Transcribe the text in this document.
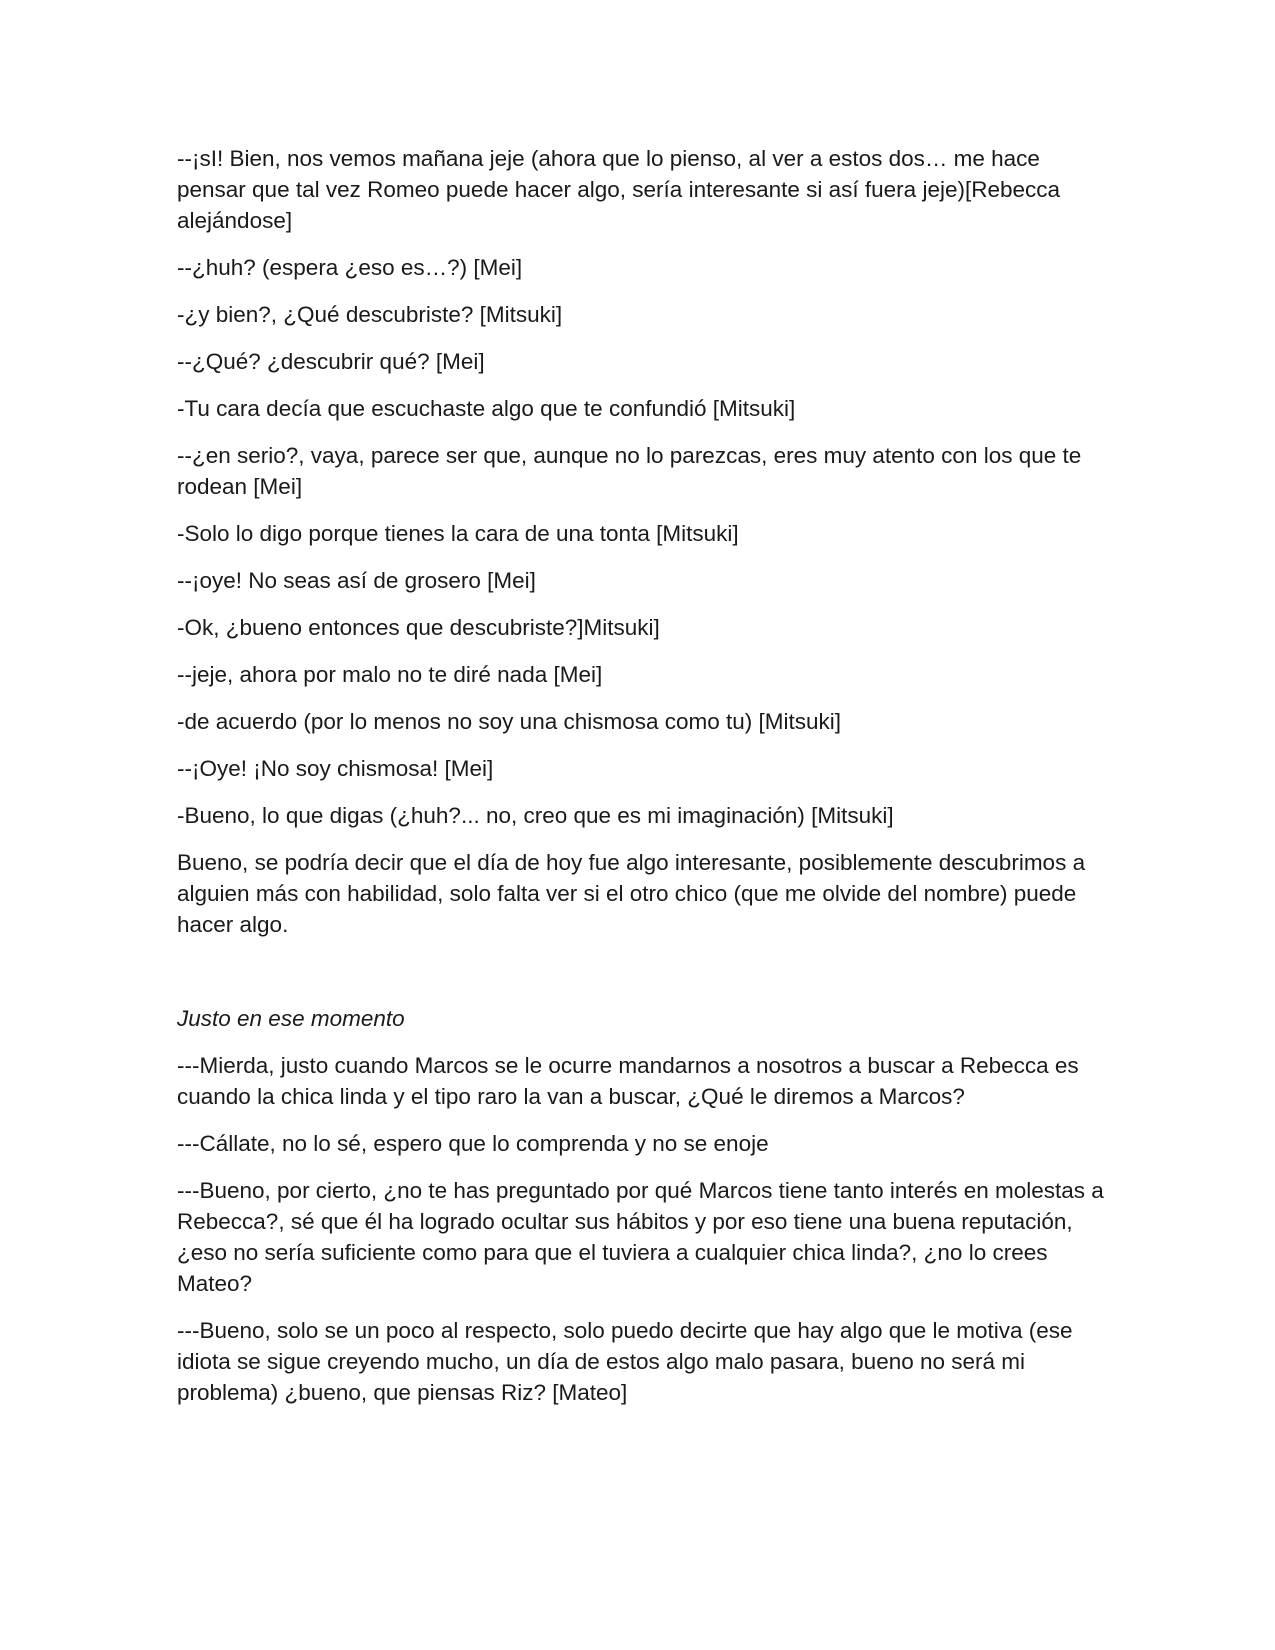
--¡sI! Bien, nos vemos mañana jeje (ahora que lo pienso, al ver a estos dos… me hace pensar que tal vez Romeo puede hacer algo, sería interesante si así fuera jeje)[Rebecca alejándose]

--¿huh? (espera ¿eso es…?) [Mei]

-¿y bien?, ¿Qué descubriste? [Mitsuki]

--¿Qué? ¿descubrir qué? [Mei]

-Tu cara decía que escuchaste algo que te confundió [Mitsuki]

--¿en serio?, vaya, parece ser que, aunque no lo parezcas, eres muy atento con los que te rodean [Mei]

-Solo lo digo porque tienes la cara de una tonta [Mitsuki]

--¡oye! No seas así de grosero [Mei]

-Ok, ¿bueno entonces que descubriste?]Mitsuki]

--jeje, ahora por malo no te diré nada [Mei]

-de acuerdo (por lo menos no soy una chismosa como tu) [Mitsuki]

--¡Oye! ¡No soy chismosa! [Mei]

-Bueno, lo que digas (¿huh?... no, creo que es mi imaginación) [Mitsuki]

Bueno, se podría decir que el día de hoy fue algo interesante, posiblemente descubrimos a alguien más con habilidad, solo falta ver si el otro chico (que me olvide del nombre) puede hacer algo.

Justo en ese momento

---Mierda, justo cuando Marcos se le ocurre mandarnos a nosotros a buscar a Rebecca es cuando la chica linda y el tipo raro la van a buscar, ¿Qué le diremos a Marcos?

---Cállate, no lo sé, espero que lo comprenda y no se enoje

---Bueno, por cierto, ¿no te has preguntado por qué Marcos tiene tanto interés en molestas a Rebecca?, sé que él ha logrado ocultar sus hábitos y por eso tiene una buena reputación, ¿eso no sería suficiente como para que el tuviera a cualquier chica linda?, ¿no lo crees Mateo?

---Bueno, solo se un poco al respecto, solo puedo decirte que hay algo que le motiva (ese idiota se sigue creyendo mucho, un día de estos algo malo pasara, bueno no será mi problema) ¿bueno, que piensas Riz? [Mateo]
